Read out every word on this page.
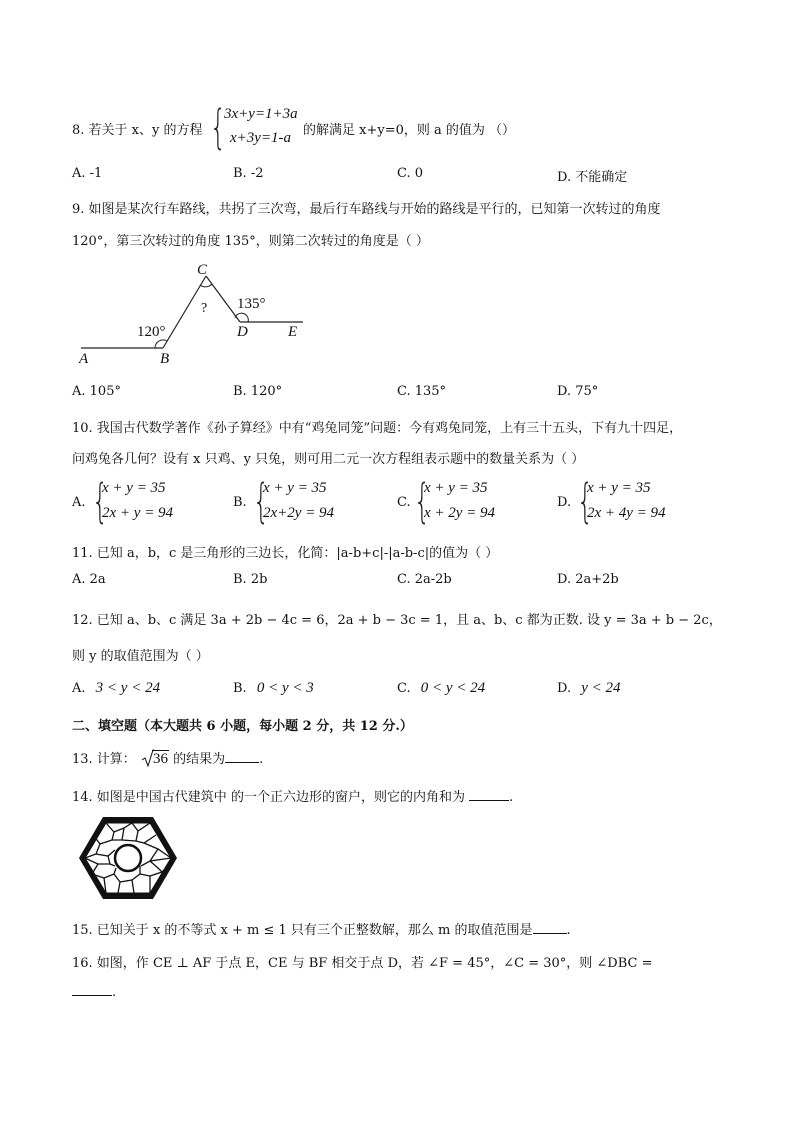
8. 若关于 x、y 的方程 {
3x+y=1+3a
x+3y=1-a 的解满足 x+y=0，则 a 的值为 （）
A. -1	B. -2	C. 0	D. 不能确定
9. 如图是某次行车路线，共拐了三次弯，最后行车路线与开始的路线是平行的，已知第一次转过的角度
120°，第三次转过的角度 135°，则第二次转过的角度是（ ）
A	B
C
D	E
120°
? 135°
A. 105°	B. 120°	C. 135°	D. 75°
10. 我国古代数学著作《孙子算经》中有“鸡兔同笼”问题：今有鸡兔同笼，上有三十五头，下有九十四足，
问鸡兔各几何？设有 x 只鸡、y 只兔，则可用二元一次方程组表示题中的数量关系为（ ）
A. {
x + y = 35
2x + y = 94
B. {
x + y = 35
2x+2y = 94
C. {
x + y = 35
x + 2y = 94
D. {
x + y = 35
2x + 4y = 94
11. 已知 a，b，c 是三角形的三边长，化简：|a-b+c|-|a-b-c|的值为（ ）
A. 2a	B. 2b	C. 2a-2b	D. 2a+2b
12. 已知 a、b、c 满足 3a + 2b − 4c = 6，2a + b − 3c = 1，且 a、b、c 都为正数. 设 y = 3a + b − 2c，
则 y 的取值范围为（ ）
A. 3 < y < 24	B. 0 < y < 3	C. 0 < y < 24	D. y < 24
二、填空题（本大题共 6 小题，每小题 2 分，共 12 分.）
13. 计算： 36 的结果为	.
14. 如图是中国古代建筑中 的一个正六边形的窗户，则它的内角和为	.
15. 已知关于 x 的不等式 x + m ≤ 1 只有三个正整数解，那么 m 的取值范围是	.
16. 如图，作 CE ⊥ AF 于点 E，CE 与 BF 相交于点 D，若 ∠F = 45°，∠C = 30°，则 ∠DBC =
.
